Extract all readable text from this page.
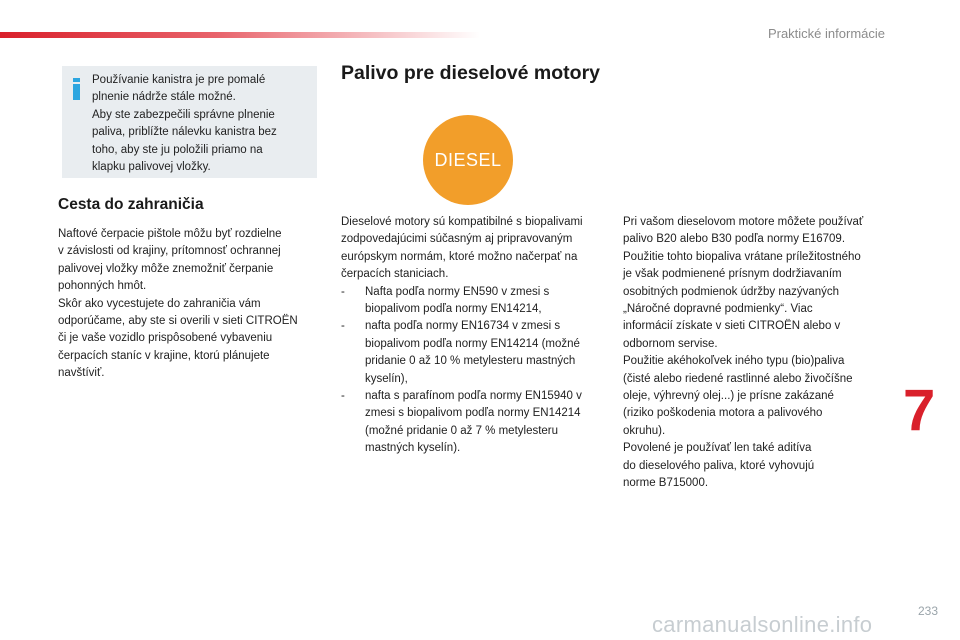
Praktické informácie

Používanie kanistra je pre pomalé

plnenie nádrže stále možné.

Aby ste zabezpečili správne plnenie

paliva, priblížte nálevku kanistra bez

toho, aby ste ju položili priamo na

klapku palivovej vložky.

Cesta do zahraničia

Naftové čerpacie pištole môžu byť rozdielne

v závislosti od krajiny, prítomnosť ochrannej

palivovej vložky môže znemožniť čerpanie

pohonných hmôt.

Skôr ako vycestujete do zahraničia vám

odporúčame, aby ste si overili v sieti CITROËN

či je vaše vozidlo prispôsobené vybaveniu

čerpacích staníc v krajine, ktorú plánujete

navštíviť.

Palivo pre dieselové motory
DIESEL

Dieselové motory sú kompatibilné s biopalivami

zodpovedajúcimi súčasným aj pripravovaným

európskym normám, ktoré možno načerpať na

čerpacích staniciach.

- Nafta podľa normy EN590 v zmesi s
biopalivom podľa normy EN14214,
- nafta podľa normy EN16734 v zmesi s
biopalivom podľa normy EN14214 (možné
pridanie 0 až 10 % metylesteru mastných
kyselín),
- nafta s parafínom podľa normy EN15940 v
zmesi s biopalivom podľa normy EN14214
(možné pridanie 0 až 7 % metylesteru
mastných kyselín).

Pri vašom dieselovom motore môžete používať

palivo B20 alebo B30 podľa normy E16709.

Použitie tohto biopaliva vrátane príležitostného

je však podmienené prísnym dodržiavaním

osobitných podmienok údržby nazývaných

„Náročné dopravné podmienky“. Viac

informácií získate v sieti CITROËN alebo v

odbornom servise.

Použitie akéhokoľvek iného typu (bio)paliva

(čisté alebo riedené rastlinné alebo živočíšne

oleje, výhrevný olej...) je prísne zakázané

(riziko poškodenia motora a palivového

okruhu).

Povolené je používať len také aditíva

do dieselového paliva, ktoré vyhovujú

norme B715000.

7
carmanualsonline.info
233
